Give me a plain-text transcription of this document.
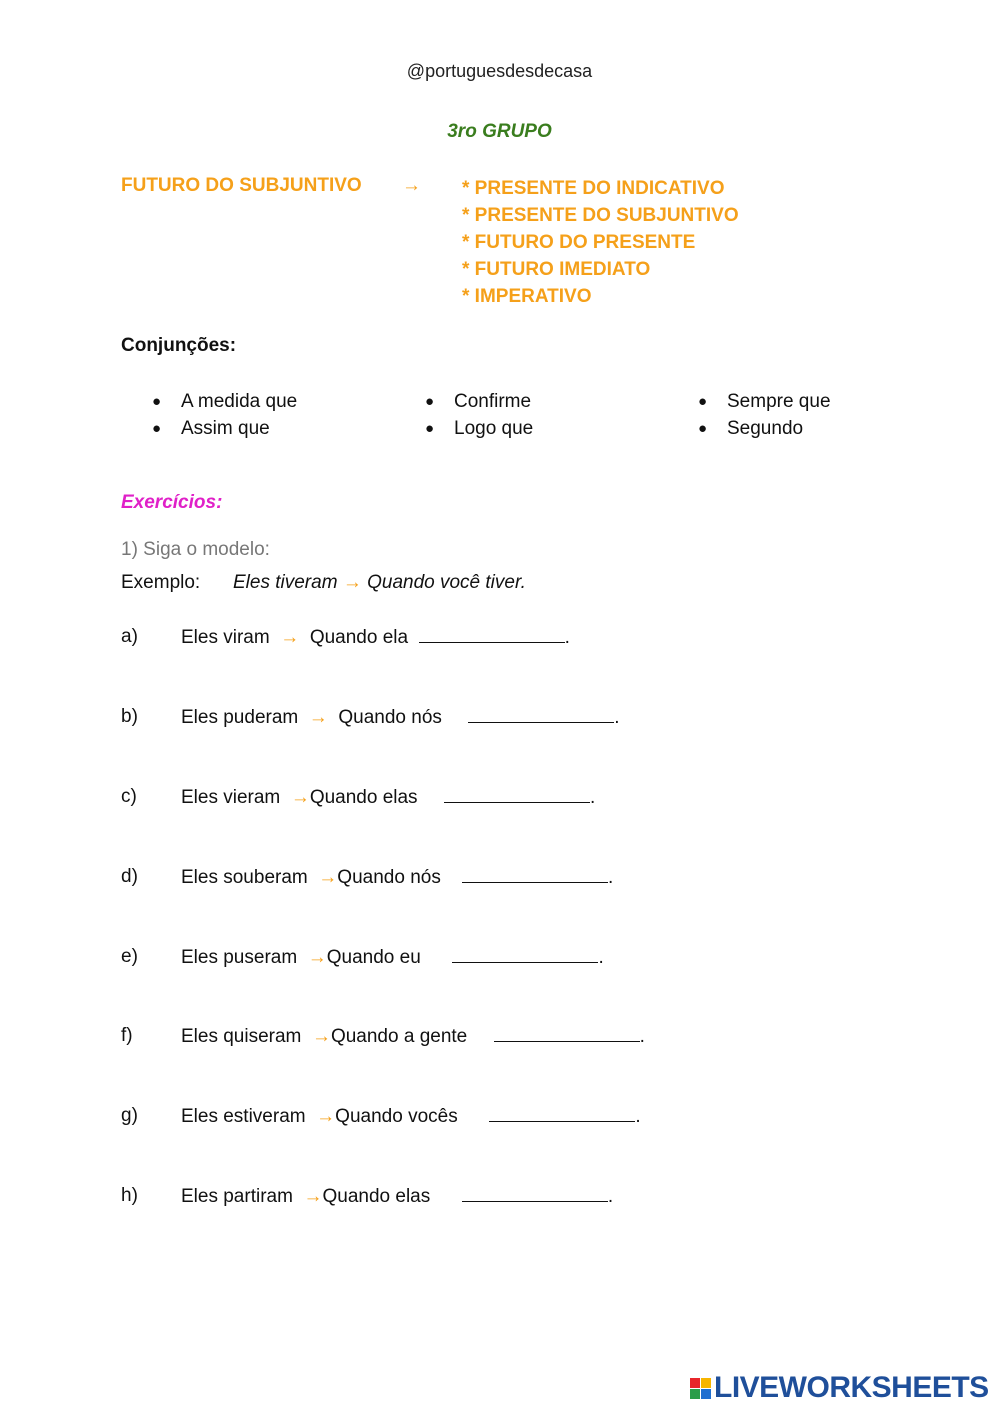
@portuguesdesdecasa
3ro GRUPO
FUTURO DO SUBJUNTIVO → * PRESENTE DO INDICATIVO
* PRESENTE DO SUBJUNTIVO
* FUTURO DO PRESENTE
* FUTURO IMEDIATO
* IMPERATIVO
Conjunções:
● A medida que
● Assim que
● Confirme
● Logo que
● Sempre que
● Segundo
Exercícios:
1) Siga o modelo:
Exemplo: Eles tiveram → Quando você tiver.
a) Eles viram → Quando ela	.
b) Eles puderam → Quando nós	.
c) Eles vieram →Quando elas	.
d) Eles souberam →Quando nós	.
e) Eles puseram →Quando eu	.
f)	Eles quiseram →Quando a gente	.
g) Eles estiveram →Quando vocês	.
h) Eles partiram →Quando elas	.
LIVEWORKSHEETS
